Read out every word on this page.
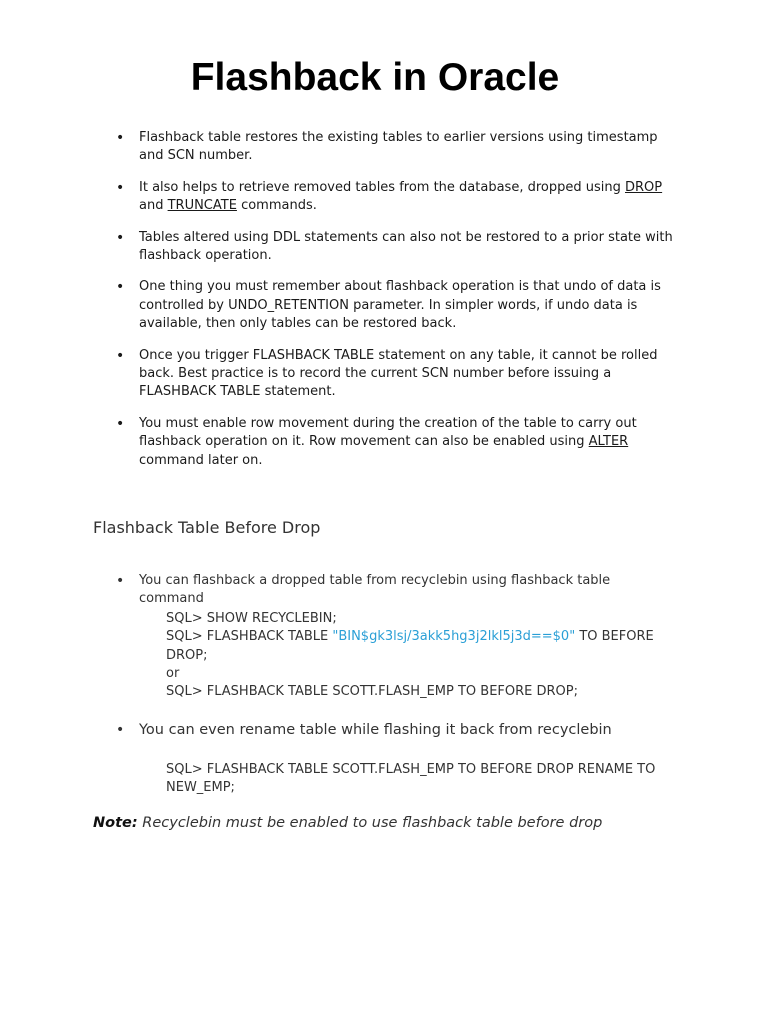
Flashback in Oracle
• Flashback table restores the existing tables to earlier versions using timestamp and SCN number.
• It also helps to retrieve removed tables from the database, dropped using DROP and TRUNCATE commands.
• Tables altered using DDL statements can also not be restored to a prior state with flashback operation.
• One thing you must remember about flashback operation is that undo of data is controlled by UNDO_RETENTION parameter. In simpler words, if undo data is available, then only tables can be restored back.
• Once you trigger FLASHBACK TABLE statement on any table, it cannot be rolled back. Best practice is to record the current SCN number before issuing a FLASHBACK TABLE statement.
• You must enable row movement during the creation of the table to carry out flashback operation on it. Row movement can also be enabled using ALTER command later on.
Flashback Table Before Drop
• You can flashback a dropped table from recyclebin using flashback table command
SQL> SHOW RECYCLEBIN;
SQL> FLASHBACK TABLE "BIN$gk3lsj/3akk5hg3j2lkl5j3d==$0" TO BEFORE DROP;
or
SQL> FLASHBACK TABLE SCOTT.FLASH_EMP TO BEFORE DROP;
• You can even rename table while flashing it back from recyclebin
SQL> FLASHBACK TABLE SCOTT.FLASH_EMP TO BEFORE DROP RENAME TO NEW_EMP;
Note: Recyclebin must be enabled to use flashback table before drop
